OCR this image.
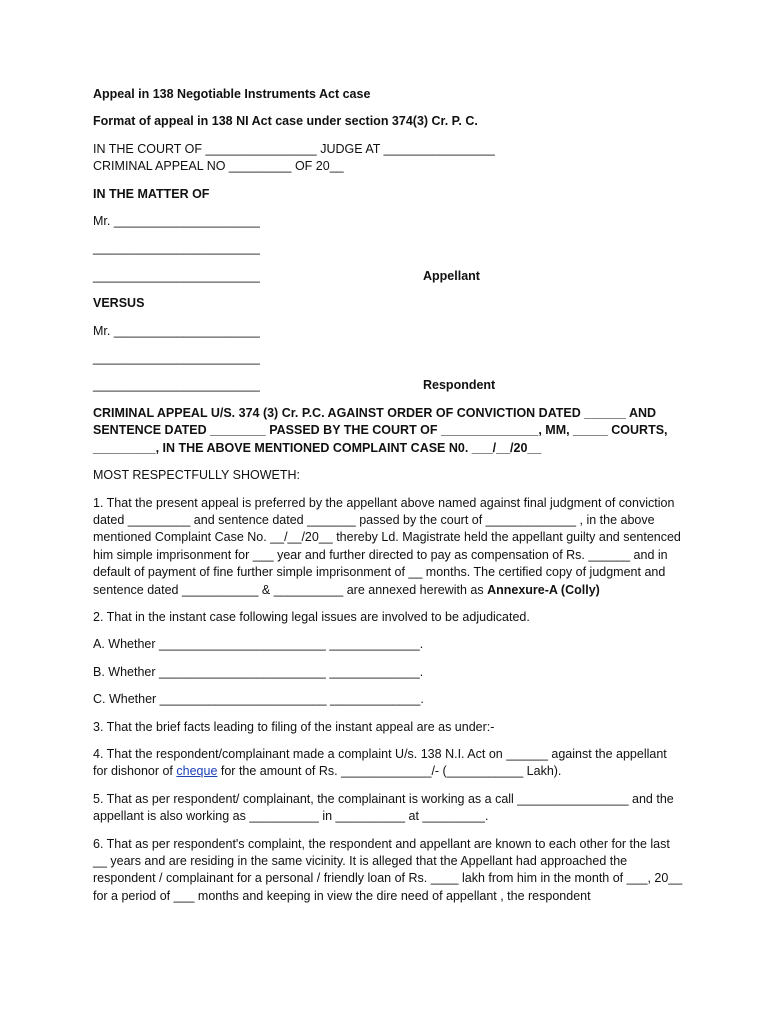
Appeal in 138 Negotiable Instruments Act case

Format of appeal in 138 NI Act case under section 374(3) Cr. P. C.

IN THE COURT OF ________________ JUDGE AT ________________

CRIMINAL APPEAL NO _________ OF 20__

IN THE MATTER OF

Mr. _____________________

________________________

________________________	Appellant

VERSUS

Mr. _____________________

________________________

________________________	Respondent

CRIMINAL APPEAL U/S. 374 (3) Cr. P.C. AGAINST ORDER OF CONVICTION DATED ______ AND SENTENCE DATED ________ PASSED BY THE COURT OF ______________, MM, _____ COURTS, _________, IN THE ABOVE MENTIONED COMPLAINT CASE N0. ___/__/20__

MOST RESPECTFULLY SHOWETH:

1. That the present appeal is preferred by the appellant above named against final judgment of conviction dated _________ and sentence dated _______ passed by the court of _____________ , in the above mentioned Complaint Case No. __/__/20__ thereby Ld. Magistrate held the appellant guilty and sentenced him simple imprisonment for ___ year and further directed to pay as compensation of Rs. ______ and in default of payment of fine further simple imprisonment of __ months. The certified copy of judgment and sentence dated ___________ & __________ are annexed herewith as Annexure-A (Colly)

2. That in the instant case following legal issues are involved to be adjudicated.

A. Whether ________________________ _____________.

B. Whether ________________________ _____________.

C. Whether ________________________ _____________.

3. That the brief facts leading to filing of the instant appeal are as under:-

4. That the respondent/complainant made a complaint U/s. 138 N.I. Act on ______ against the appellant for dishonor of cheque for the amount of Rs. _____________/- (___________ Lakh).

5. That as per respondent/ complainant, the complainant is working as a call ________________ and the appellant is also working as __________ in __________ at _________.

6. That as per respondent's complaint, the respondent and appellant are known to each other for the last __ years and are residing in the same vicinity. It is alleged that the Appellant had approached the respondent / complainant for a personal / friendly loan of Rs. ____ lakh from him in the month of ___, 20__ for a period of ___ months and keeping in view the dire need of appellant , the respondent
